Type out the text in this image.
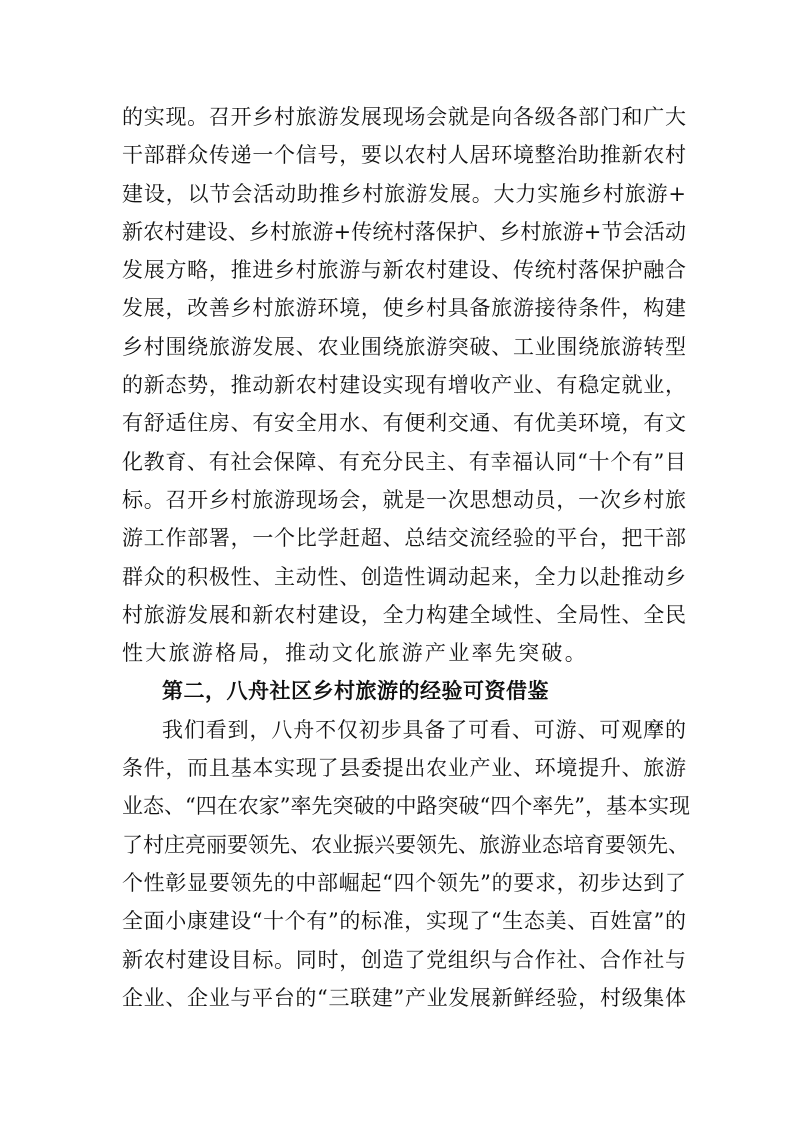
的实现。召开乡村旅游发展现场会就是向各级各部门和广大
干部群众传递一个信号，要以农村人居环境整治助推新农村
建设，以节会活动助推乡村旅游发展。大力实施乡村旅游+
新农村建设、乡村旅游+传统村落保护、乡村旅游+节会活动
发展方略，推进乡村旅游与新农村建设、传统村落保护融合
发展，改善乡村旅游环境，使乡村具备旅游接待条件，构建
乡村围绕旅游发展、农业围绕旅游突破、工业围绕旅游转型
的新态势，推动新农村建设实现有增收产业、有稳定就业，
有舒适住房、有安全用水、有便利交通、有优美环境，有文
化教育、有社会保障、有充分民主、有幸福认同“十个有”目
标。召开乡村旅游现场会，就是一次思想动员，一次乡村旅
游工作部署，一个比学赶超、总结交流经验的平台，把干部
群众的积极性、主动性、创造性调动起来，全力以赴推动乡
村旅游发展和新农村建设，全力构建全域性、全局性、全民
性大旅游格局，推动文化旅游产业率先突破。
第二，八舟社区乡村旅游的经验可资借鉴
我们看到，八舟不仅初步具备了可看、可游、可观摩的
条件，而且基本实现了县委提出农业产业、环境提升、旅游
业态、“四在农家”率先突破的中路突破“四个率先”，基本实现
了村庄亮丽要领先、农业振兴要领先、旅游业态培育要领先、
个性彰显要领先的中部崛起“四个领先”的要求，初步达到了
全面小康建设“十个有”的标准，实现了“生态美、百姓富”的
新农村建设目标。同时，创造了党组织与合作社、合作社与
企业、企业与平台的“三联建”产业发展新鲜经验，村级集体
